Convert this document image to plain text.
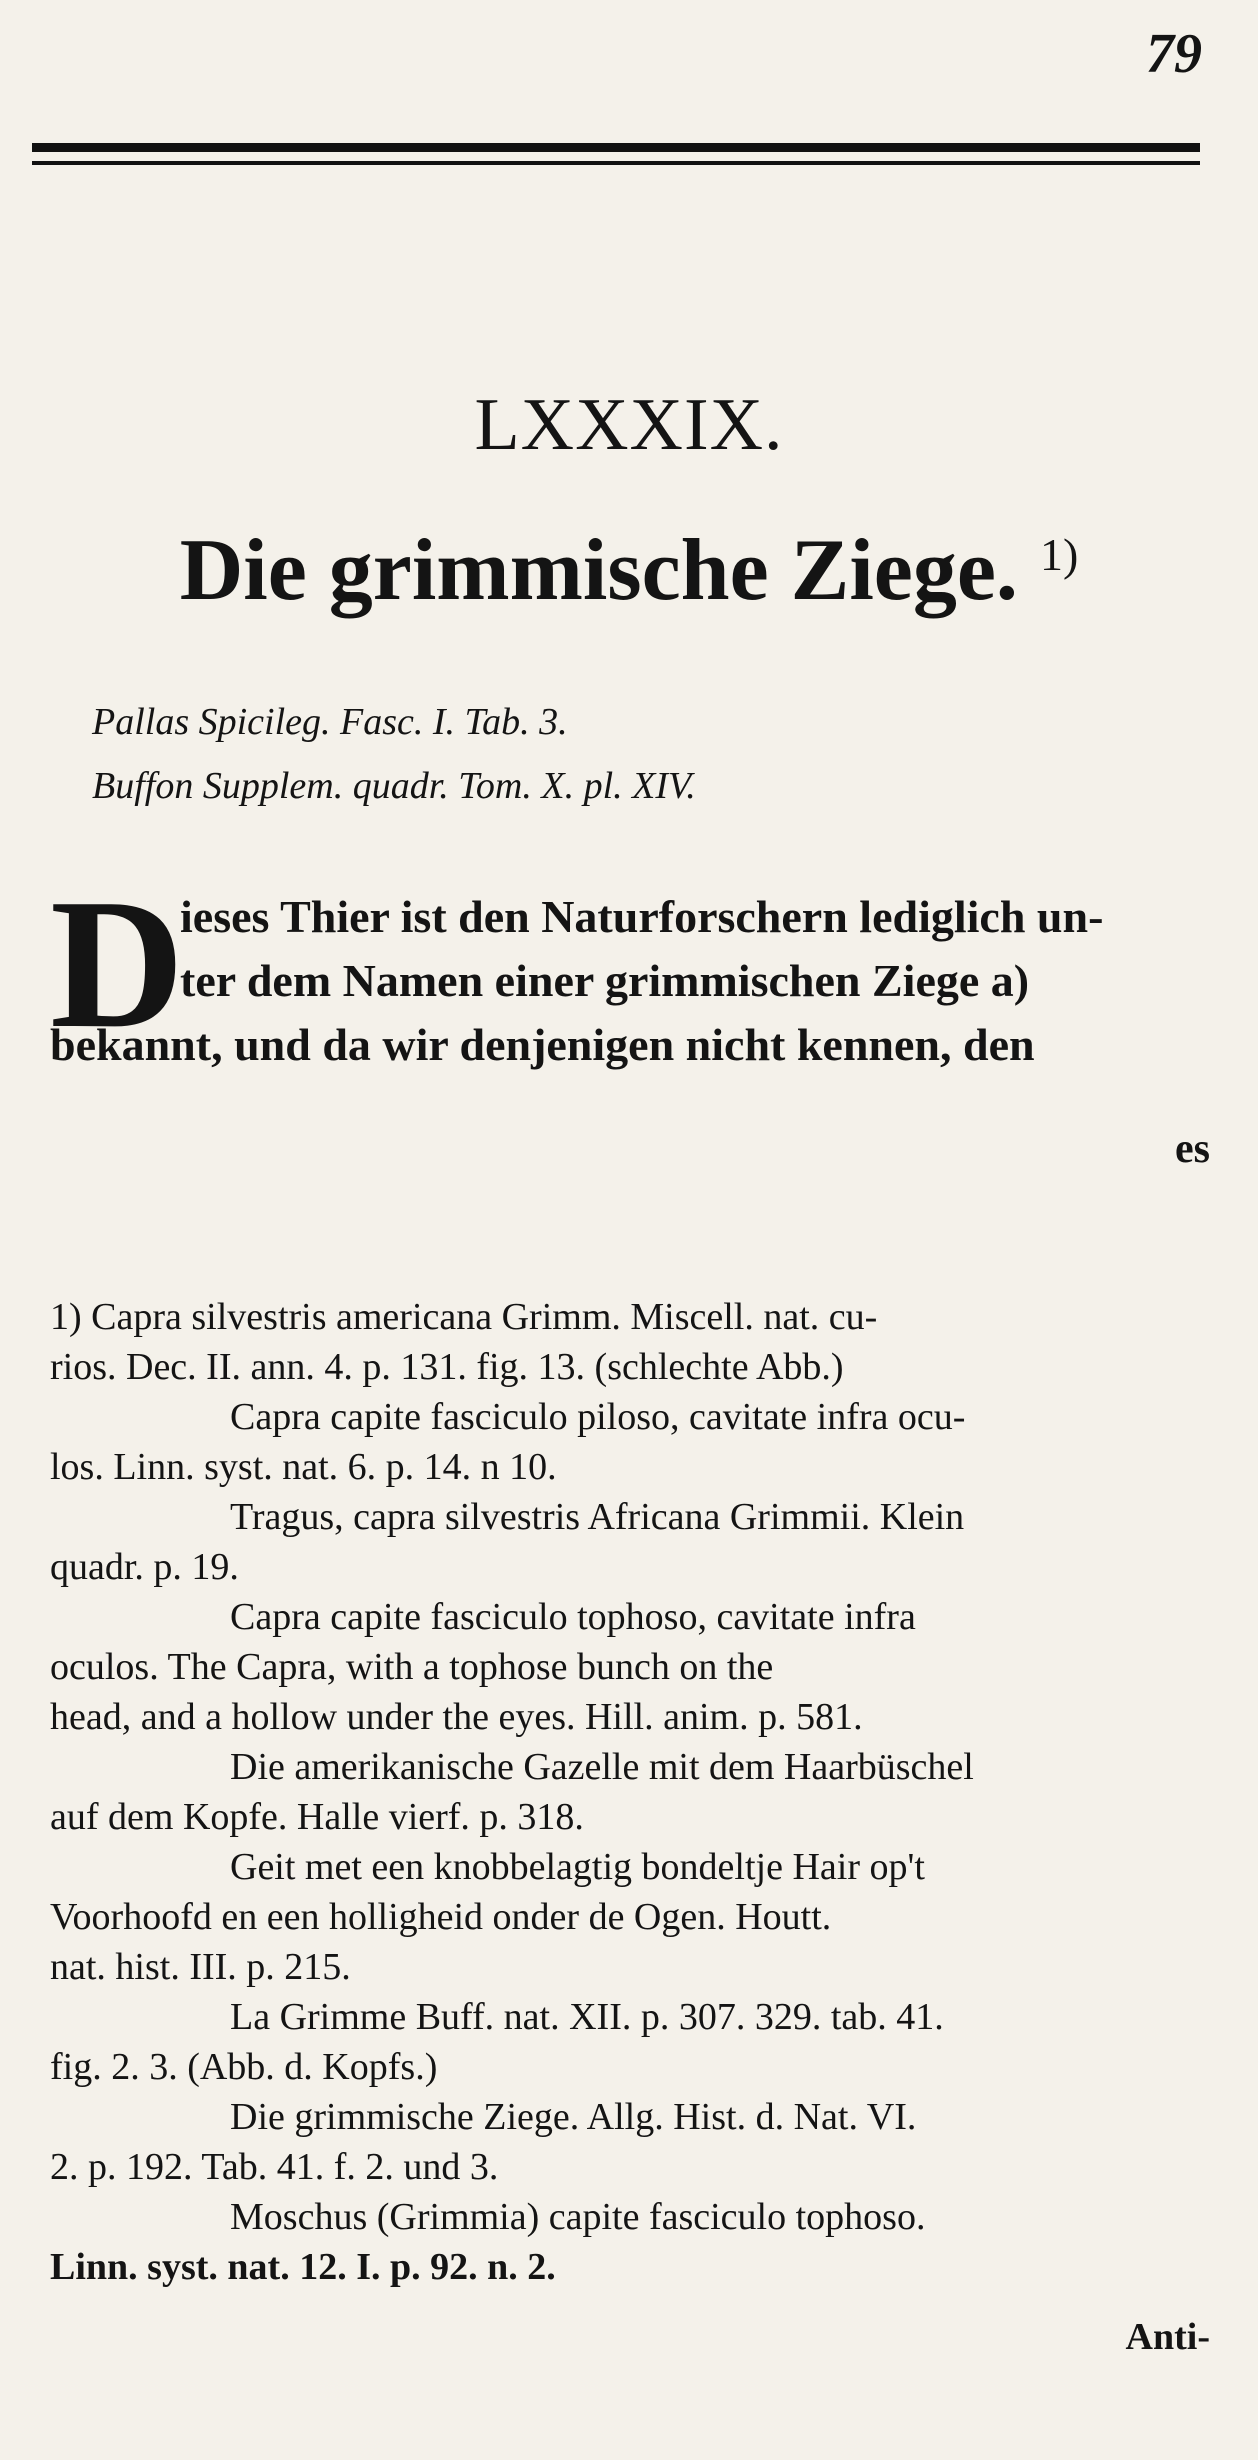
79
LXXXIX.
Die grimmische Ziege. $^{1)}$
Pallas Spicileg. Fasc. I. Tab. 3.
Buffon Supplem. quadr. Tom. X. pl. XIV.
D
ieses Thier ist den Naturforschern lediglich un-
ter dem Namen einer grimmischen Ziege a)
bekannt, und da wir denjenigen nicht kennen, den
es
1) Capra silvestris americana Grimm. Miscell. nat. cu-
rios. Dec. II. ann. 4. p. 131. fig. 13. (schlechte Abb.)
Capra capite fasciculo piloso, cavitate infra ocu-
los. Linn. syst. nat. 6. p. 14. n 10.
Tragus, capra silvestris Africana Grimmii. Klein
quadr. p. 19.
Capra capite fasciculo tophoso, cavitate infra
oculos. The Capra, with a tophose bunch on the
head, and a hollow under the eyes. Hill. anim. p. 581.
Die amerikanische Gazelle mit dem Haarbüschel
auf dem Kopfe. Halle vierf. p. 318.
Geit met een knobbelagtig bondeltje Hair op't
Voorhoofd en een holligheid onder de Ogen. Houtt.
nat. hist. III. p. 215.
La Grimme Buff. nat. XII. p. 307. 329. tab. 41.
fig. 2. 3. (Abb. d. Kopfs.)
Die grimmische Ziege. Allg. Hist. d. Nat. VI.
2. p. 192. Tab. 41. f. 2. und 3.
Moschus (Grimmia) capite fasciculo tophoso.
Linn. syst. nat. 12. I. p. 92. n. 2.
Anti-
